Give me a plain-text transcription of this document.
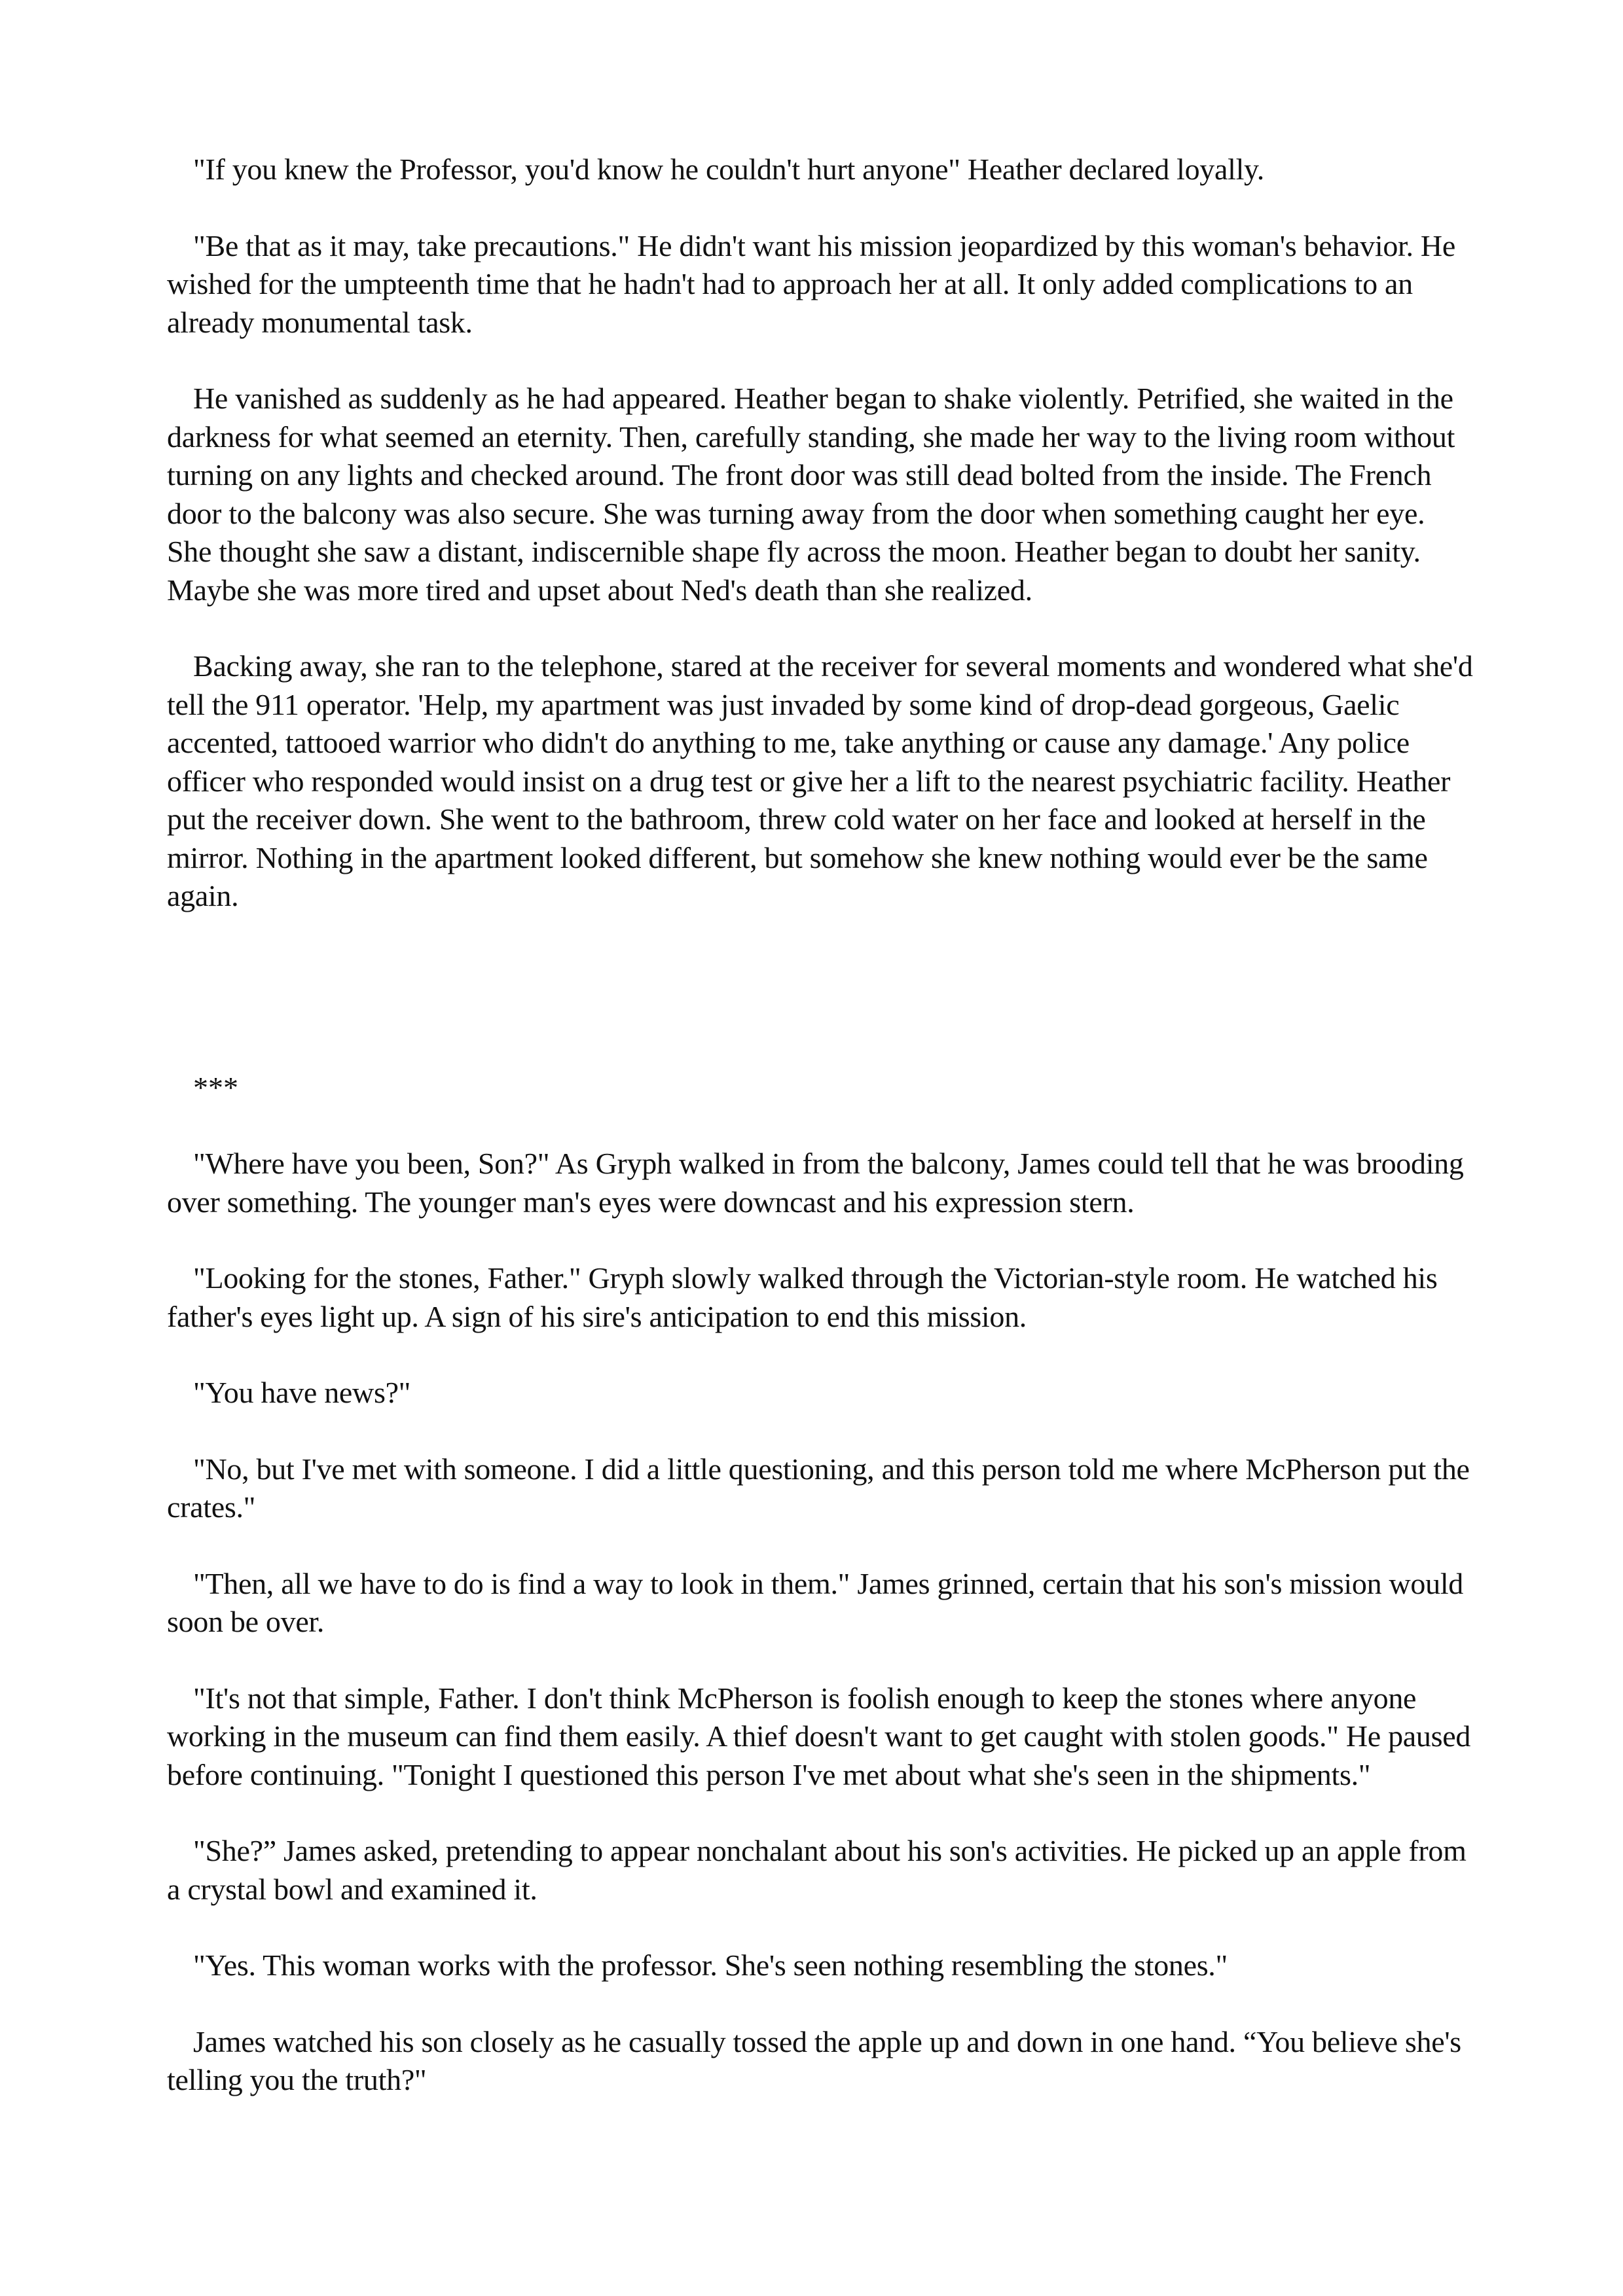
"If you knew the Professor, you'd know he couldn't hurt anyone" Heather declared loyally.

"Be that as it may, take precautions." He didn't want his mission jeopardized by this woman's behavior. He wished for the umpteenth time that he hadn't had to approach her at all. It only added complications to an already monumental task.

He vanished as suddenly as he had appeared. Heather began to shake violently. Petrified, she waited in the darkness for what seemed an eternity. Then, carefully standing, she made her way to the living room without turning on any lights and checked around. The front door was still dead bolted from the inside. The French door to the balcony was also secure. She was turning away from the door when something caught her eye. She thought she saw a distant, indiscernible shape fly across the moon. Heather began to doubt her sanity. Maybe she was more tired and upset about Ned's death than she realized.

Backing away, she ran to the telephone, stared at the receiver for several moments and wondered what she'd tell the 911 operator. 'Help, my apartment was just invaded by some kind of drop-dead gorgeous, Gaelic accented, tattooed warrior who didn't do anything to me, take anything or cause any damage.' Any police officer who responded would insist on a drug test or give her a lift to the nearest psychiatric facility. Heather put the receiver down. She went to the bathroom, threw cold water on her face and looked at herself in the mirror. Nothing in the apartment looked different, but somehow she knew nothing would ever be the same again.

***

"Where have you been, Son?" As Gryph walked in from the balcony, James could tell that he was brooding over something. The younger man's eyes were downcast and his expression stern.

"Looking for the stones, Father." Gryph slowly walked through the Victorian-style room. He watched his father's eyes light up. A sign of his sire's anticipation to end this mission.

"You have news?"

"No, but I've met with someone. I did a little questioning, and this person told me where McPherson put the crates."

"Then, all we have to do is find a way to look in them." James grinned, certain that his son's mission would soon be over.

"It's not that simple, Father. I don't think McPherson is foolish enough to keep the stones where anyone working in the museum can find them easily. A thief doesn't want to get caught with stolen goods." He paused before continuing. "Tonight I questioned this person I've met about what she's seen in the shipments."

"She?” James asked, pretending to appear nonchalant about his son's activities. He picked up an apple from a crystal bowl and examined it.

"Yes. This woman works with the professor. She's seen nothing resembling the stones."

James watched his son closely as he casually tossed the apple up and down in one hand. “You believe she's telling you the truth?"
